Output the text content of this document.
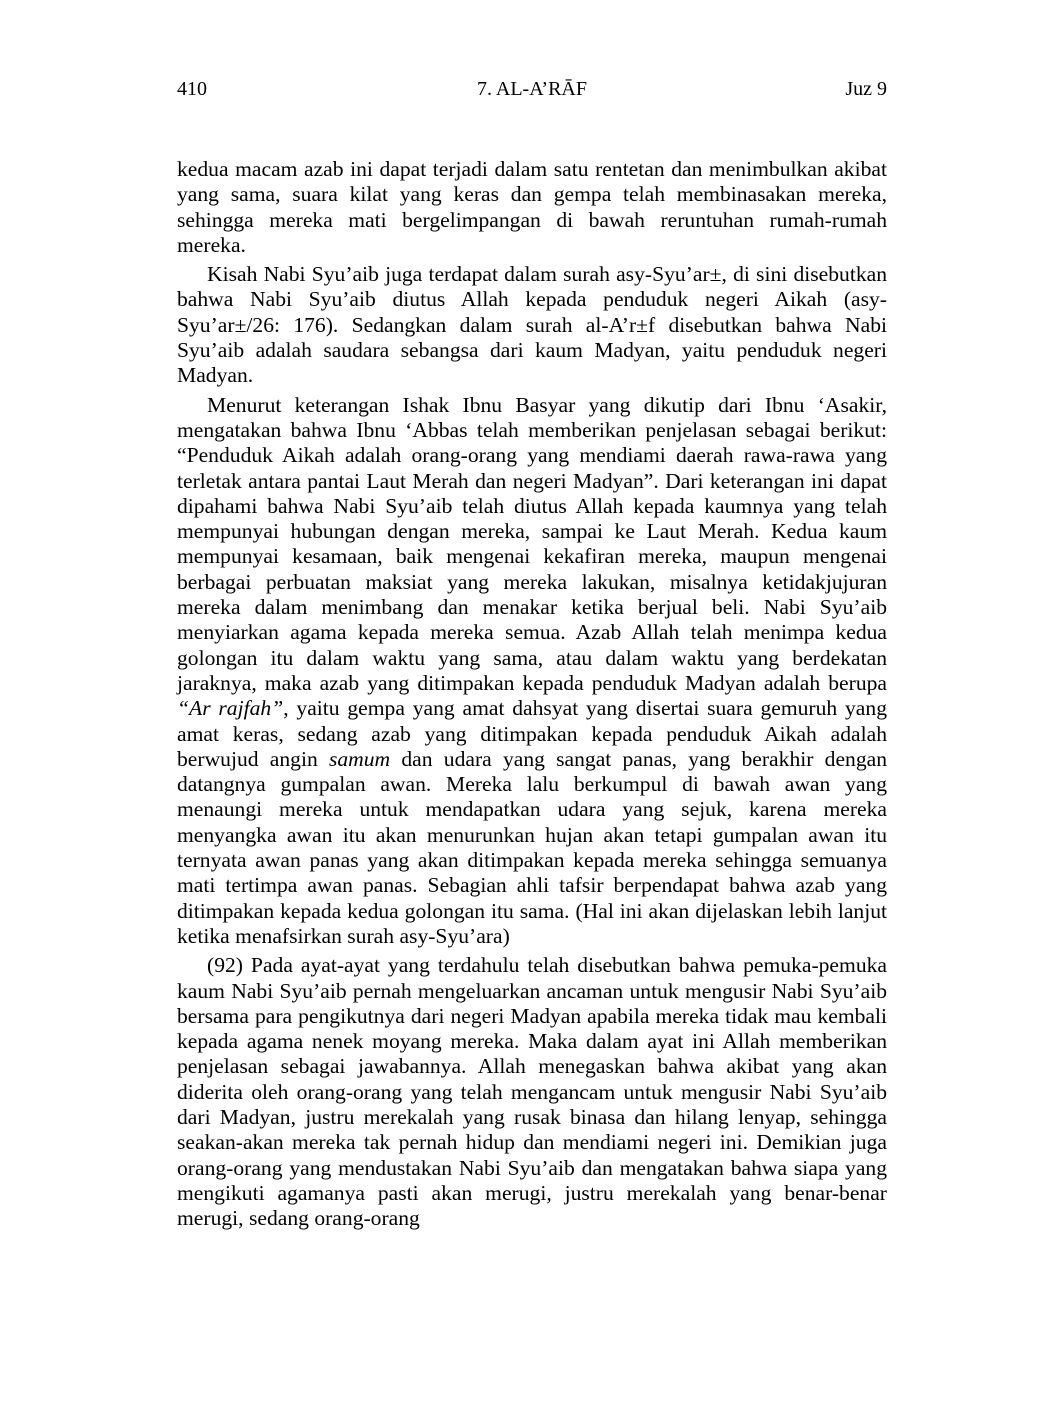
410	7. AL-A’RĀF	Juz 9

kedua macam azab ini dapat terjadi dalam satu rentetan dan menimbulkan akibat yang sama, suara kilat yang keras dan gempa telah membinasakan mereka, sehingga mereka mati bergelimpangan di bawah reruntuhan rumah-rumah mereka.

Kisah Nabi Syu’aib juga terdapat dalam surah asy-Syu’ar±, di sini disebutkan bahwa Nabi Syu’aib diutus Allah kepada penduduk negeri Aikah (asy-Syu’ar±/26: 176). Sedangkan dalam surah al-A’r±f disebutkan bahwa Nabi Syu’aib adalah saudara sebangsa dari kaum Madyan, yaitu penduduk negeri Madyan.

Menurut keterangan Ishak Ibnu Basyar yang dikutip dari Ibnu ‘Asakir, mengatakan bahwa Ibnu ‘Abbas telah memberikan penjelasan sebagai berikut: “Penduduk Aikah adalah orang-orang yang mendiami daerah rawa-rawa yang terletak antara pantai Laut Merah dan negeri Madyan”. Dari keterangan ini dapat dipahami bahwa Nabi Syu’aib telah diutus Allah kepada kaumnya yang telah mempunyai hubungan dengan mereka, sampai ke Laut Merah. Kedua kaum mempunyai kesamaan, baik mengenai kekafiran mereka, maupun mengenai berbagai perbuatan maksiat yang mereka lakukan, misalnya ketidakjujuran mereka dalam menimbang dan menakar ketika berjual beli. Nabi Syu’aib menyiarkan agama kepada mereka semua. Azab Allah telah menimpa kedua golongan itu dalam waktu yang sama, atau dalam waktu yang berdekatan jaraknya, maka azab yang ditimpakan kepada penduduk Madyan adalah berupa “Ar rajfah”, yaitu gempa yang amat dahsyat yang disertai suara gemuruh yang amat keras, sedang azab yang ditimpakan kepada penduduk Aikah adalah berwujud angin samum dan udara yang sangat panas, yang berakhir dengan datangnya gumpalan awan. Mereka lalu berkumpul di bawah awan yang menaungi mereka untuk mendapatkan udara yang sejuk, karena mereka menyangka awan itu akan menurunkan hujan akan tetapi gumpalan awan itu ternyata awan panas yang akan ditimpakan kepada mereka sehingga semuanya mati tertimpa awan panas. Sebagian ahli tafsir berpendapat bahwa azab yang ditimpakan kepada kedua golongan itu sama. (Hal ini akan dijelaskan lebih lanjut ketika menafsirkan surah asy-Syu’ara)

(92) Pada ayat-ayat yang terdahulu telah disebutkan bahwa pemuka-pemuka kaum Nabi Syu’aib pernah mengeluarkan ancaman untuk mengusir Nabi Syu’aib bersama para pengikutnya dari negeri Madyan apabila mereka tidak mau kembali kepada agama nenek moyang mereka. Maka dalam ayat ini Allah memberikan penjelasan sebagai jawabannya. Allah menegaskan bahwa akibat yang akan diderita oleh orang-orang yang telah mengancam untuk mengusir Nabi Syu’aib dari Madyan, justru merekalah yang rusak binasa dan hilang lenyap, sehingga seakan-akan mereka tak pernah hidup dan mendiami negeri ini. Demikian juga orang-orang yang mendustakan Nabi Syu’aib dan mengatakan bahwa siapa yang mengikuti agamanya pasti akan merugi, justru merekalah yang benar-benar merugi, sedang orang-orang
